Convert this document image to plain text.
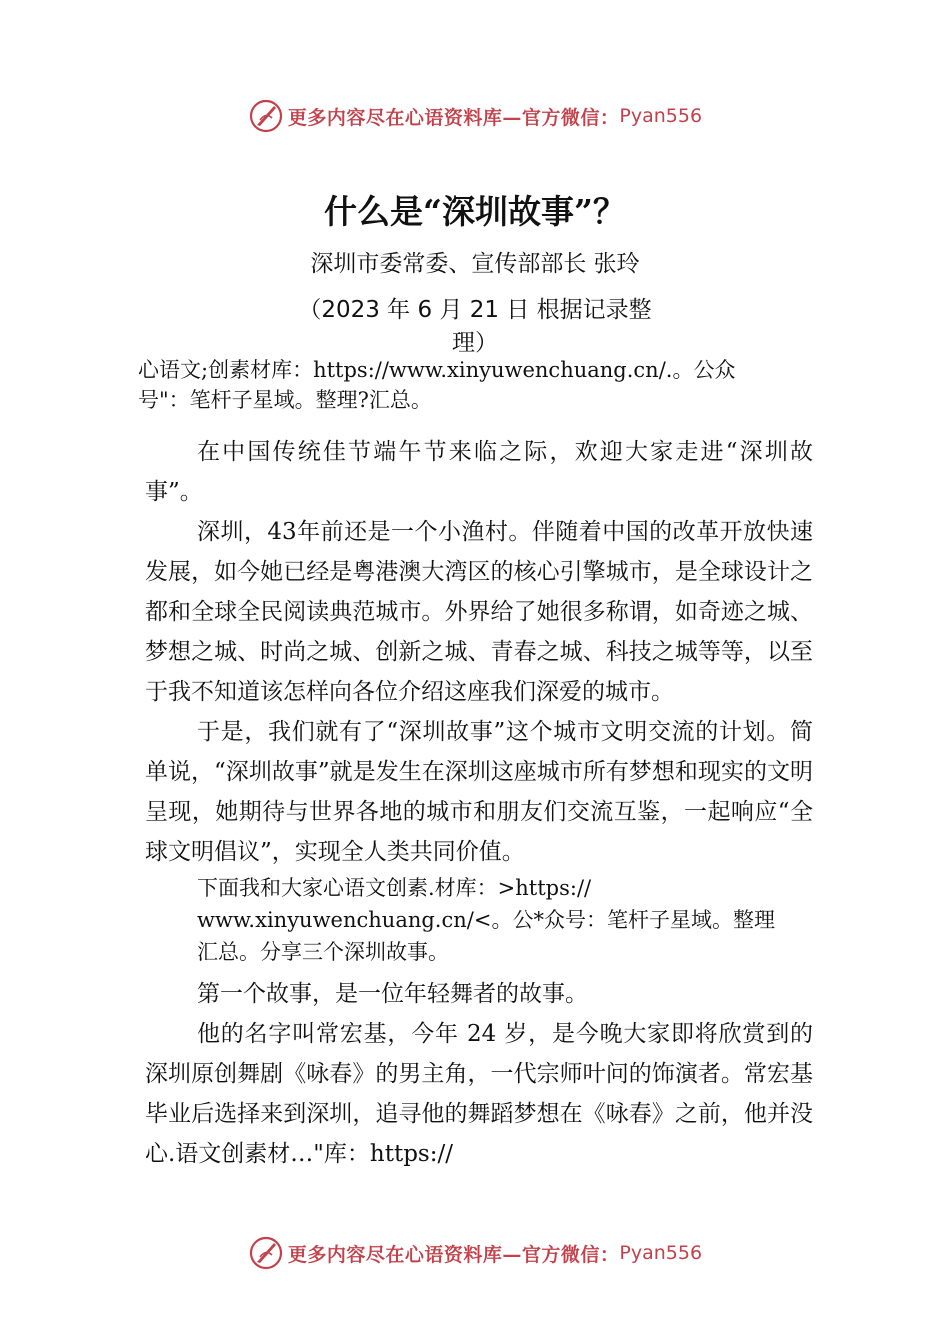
更多内容尽在心语资料库—官方微信： Pyan556
什么是“深圳故事”？
深圳市委常委、宣传部部长 张玲
（2023 年 6 月 21 日 根据记录整
理）
心语文;创素材库：https://www.xinyuwenchuang.cn/.。公众
号"：笔杆子星域。整理?汇总。

在中国传统佳节端午节来临之际，欢迎大家走进“深圳故事”。

深圳，43年前还是一个小渔村。伴随着中国的改革开放快速发展，如今她已经是粤港澳大湾区的核心引擎城市，是全球设计之都和全球全民阅读典范城市。外界给了她很多称谓，如奇迹之城、梦想之城、时尚之城、创新之城、青春之城、科技之城等等，以至于我不知道该怎样向各位介绍这座我们深爱的城市。

于是，我们就有了“深圳故事”这个城市文明交流的计划。简单说，“深圳故事”就是发生在深圳这座城市所有梦想和现实的文明呈现，她期待与世界各地的城市和朋友们交流互鉴，一起响应“全球文明倡议”，实现全人类共同价值。

下面我和大家心语文创素.材库：>https://
www.xinyuwenchuang.cn/<。公*众号：笔杆子星域。整理
汇总。分享三个深圳故事。

第一个故事，是一位年轻舞者的故事。

他的名字叫常宏基，今年 24 岁，是今晚大家即将欣赏到的深圳原创舞剧《咏春》的男主角，一代宗师叶问的饰演者。常宏基毕业后选择来到深圳，追寻他的舞蹈梦想在《咏春》之前，他并没心.语文创素材…"库：https://

更多内容尽在心语资料库—官方微信： Pyan556
